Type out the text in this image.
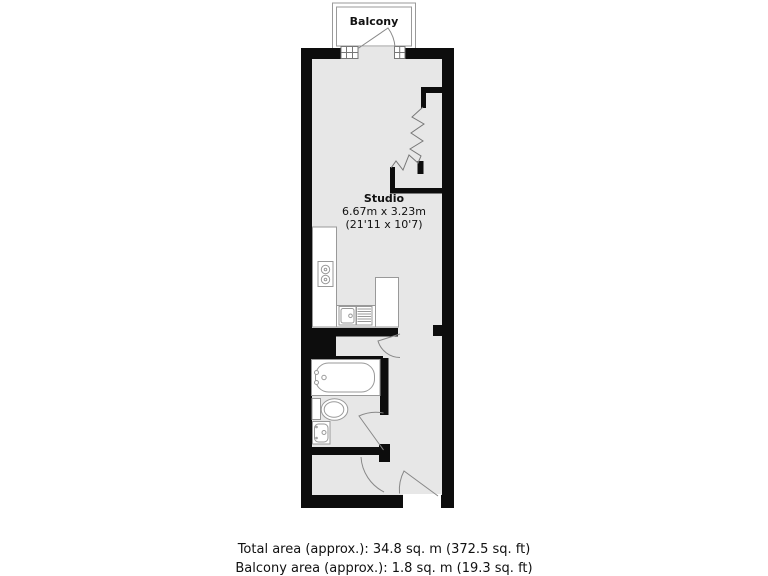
Balcony
Studio
6.67m x 3.23m
(21'11 x 10'7)
Total area (approx.): 34.8 sq. m (372.5 sq. ft)
Balcony area (approx.): 1.8 sq. m (19.3 sq. ft)
